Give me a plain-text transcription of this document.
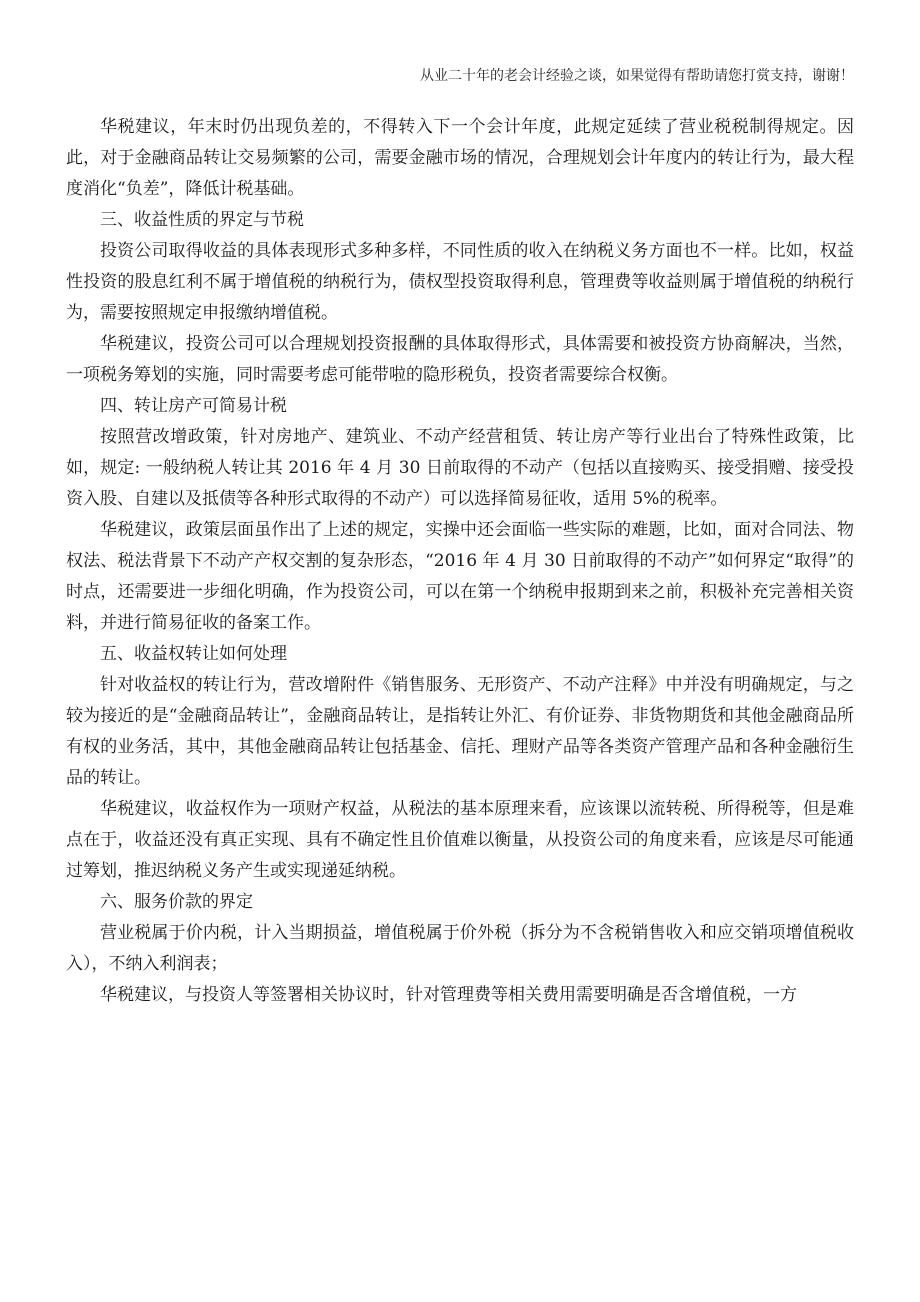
从业二十年的老会计经验之谈，如果觉得有帮助请您打赏支持，谢谢！

华税建议，年末时仍出现负差的，不得转入下一个会计年度，此规定延续了营业税税制得规定。因此，对于金融商品转让交易频繁的公司，需要金融市场的情况，合理规划会计年度内的转让行为，最大程度消化“负差”，降低计税基础。

三、收益性质的界定与节税

投资公司取得收益的具体表现形式多种多样，不同性质的收入在纳税义务方面也不一样。比如，权益性投资的股息红利不属于增值税的纳税行为，债权型投资取得利息，管理费等收益则属于增值税的纳税行为，需要按照规定申报缴纳增值税。

华税建议，投资公司可以合理规划投资报酬的具体取得形式，具体需要和被投资方协商解决，当然，一项税务筹划的实施，同时需要考虑可能带啦的隐形税负，投资者需要综合权衡。

四、转让房产可简易计税

按照营改增政策，针对房地产、建筑业、不动产经营租赁、转让房产等行业出台了特殊性政策，比如，规定: 一般纳税人转让其 2016 年 4 月 30 日前取得的不动产（包括以直接购买、接受捐赠、接受投资入股、自建以及抵债等各种形式取得的不动产）可以选择简易征收，适用 5%的税率。

华税建议，政策层面虽作出了上述的规定，实操中还会面临一些实际的难题，比如，面对合同法、物权法、税法背景下不动产产权交割的复杂形态，“2016 年 4 月 30 日前取得的不动产”如何界定“取得”的时点，还需要进一步细化明确，作为投资公司，可以在第一个纳税申报期到来之前，积极补充完善相关资料，并进行简易征收的备案工作。

五、收益权转让如何处理

针对收益权的转让行为，营改增附件《销售服务、无形资产、不动产注释》中并没有明确规定，与之较为接近的是“金融商品转让”，金融商品转让，是指转让外汇、有价证券、非货物期货和其他金融商品所有权的业务活，其中，其他金融商品转让包括基金、信托、理财产品等各类资产管理产品和各种金融衍生品的转让。

华税建议，收益权作为一项财产权益，从税法的基本原理来看，应该课以流转税、所得税等，但是难点在于，收益还没有真正实现、具有不确定性且价值难以衡量，从投资公司的角度来看，应该是尽可能通过筹划，推迟纳税义务产生或实现递延纳税。

六、服务价款的界定

营业税属于价内税，计入当期损益，增值税属于价外税（拆分为不含税销售收入和应交销项增值税收入），不纳入利润表；

华税建议，与投资人等签署相关协议时，针对管理费等相关费用需要明确是否含增值税，一方
